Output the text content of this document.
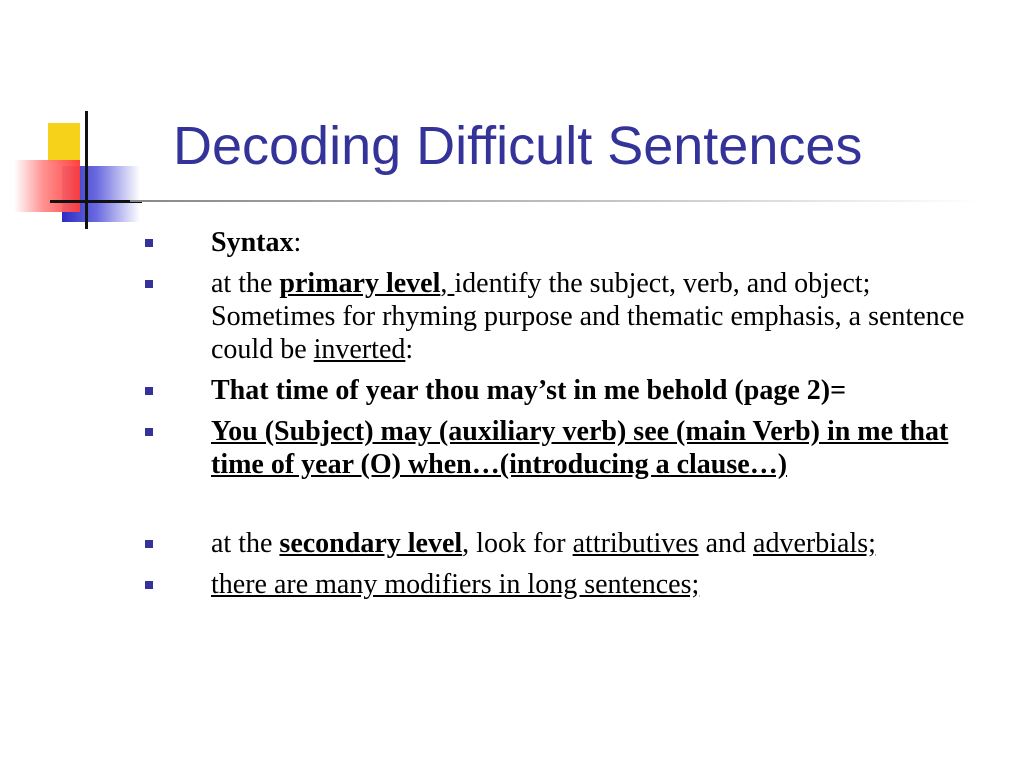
Decoding Difficult Sentences
Syntax:
at the primary level, identify the subject, verb, and object; Sometimes for rhyming purpose and thematic emphasis, a sentence could be inverted:
That time of year thou may’st in me behold (page 2)=
You (Subject) may (auxiliary verb) see (main Verb) in me that time of year (O) when…(introducing a clause…)
at the secondary level, look for attributives and adverbials;
there are many modifiers in long sentences;
